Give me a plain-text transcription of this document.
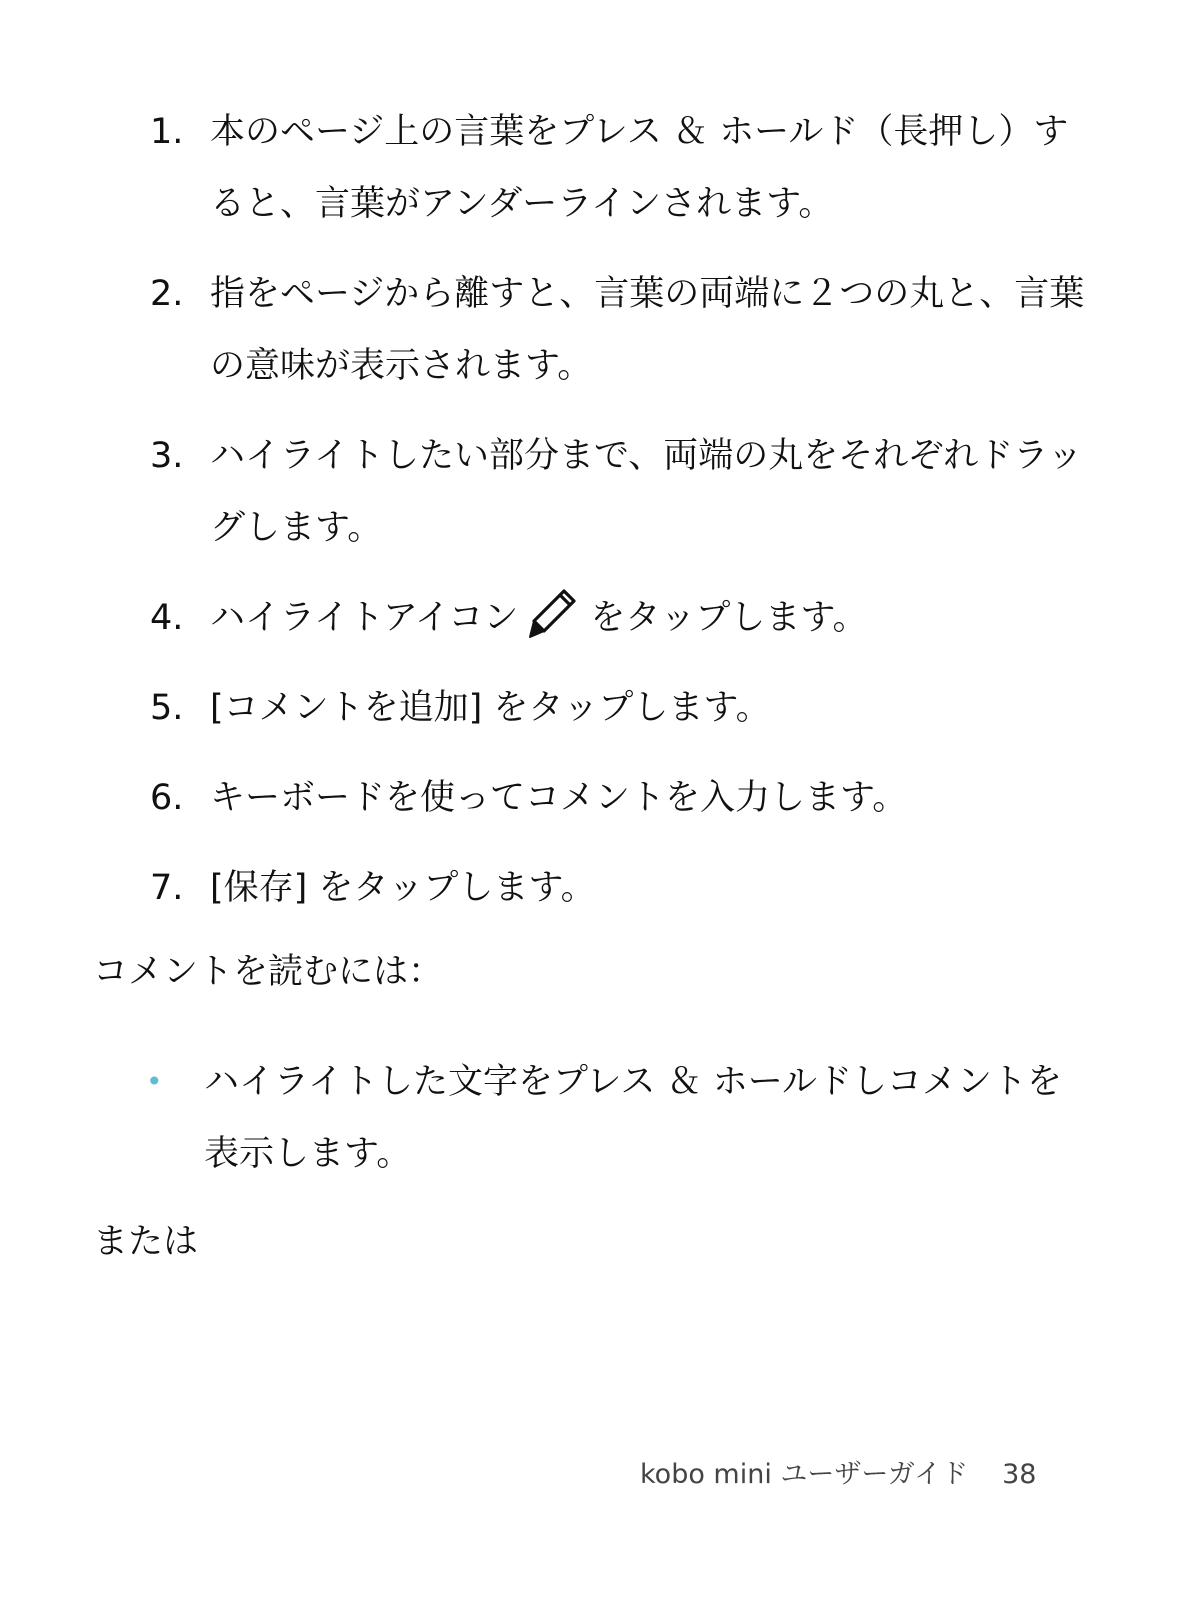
1. 本のページ上の言葉をプレス ＆ ホールド（長押し）すると、言葉がアンダーラインされます。
2. 指をページから離すと、言葉の両端に２つの丸と、言葉の意味が表示されます。
3. ハイライトしたい部分まで、両端の丸をそれぞれドラッグします。
4. ハイライトアイコン をタップします。
5. [コメントを追加] をタップします。
6. キーボードを使ってコメントを入力します。
7. [保存] をタップします。

コメントを読むには：

•	ハイライトした文字をプレス ＆ ホールドしコメントを表示します。

または

kobo mini ユーザーガイド 38
